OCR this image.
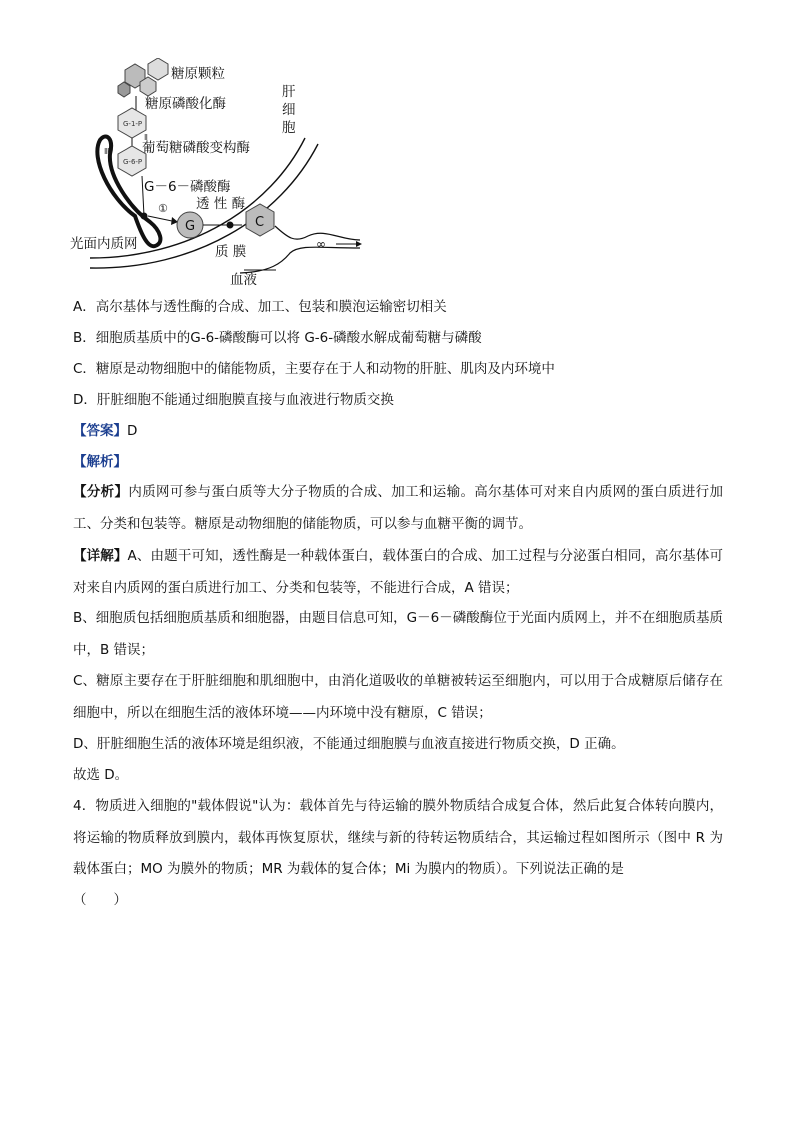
糖原颗粒
糖原磷酸化酶
G-1-P
Ⅱ
葡萄糖磷酸变构酶
G-6-P
Ⅲ
G－6－磷酸酶
①
G
透 性 酶
C
肝
细
胞
∞
光面内质网	质 膜
血液
A．高尔基体与透性酶的合成、加工、包装和膜泡运输密切相关
B．细胞质基质中的G-6-磷酸酶可以将 G-6-磷酸水解成葡萄糖与磷酸
C．糖原是动物细胞中的储能物质，主要存在于人和动物的肝脏、肌肉及内环境中
D．肝脏细胞不能通过细胞膜直接与血液进行物质交换
【答案】D
【解析】
【分析】内质网可参与蛋白质等大分子物质的合成、加工和运输。高尔基体可对来自内质网的蛋白质进行加工、分类和包装等。糖原是动物细胞的储能物质，可以参与血糖平衡的调节。
【详解】A、由题干可知，透性酶是一种载体蛋白，载体蛋白的合成、加工过程与分泌蛋白相同，高尔基体可对来自内质网的蛋白质进行加工、分类和包装等，不能进行合成，A 错误；
B、细胞质包括细胞质基质和细胞器，由题目信息可知，G－6－磷酸酶位于光面内质网上，并不在细胞质基质中，B 错误；
C、糖原主要存在于肝脏细胞和肌细胞中，由消化道吸收的单糖被转运至细胞内，可以用于合成糖原后储存在细胞中，所以在细胞生活的液体环境——内环境中没有糖原，C 错误；
D、肝脏细胞生活的液体环境是组织液，不能通过细胞膜与血液直接进行物质交换，D 正确。
故选 D。
4．物质进入细胞的"载体假说"认为：载体首先与待运输的膜外物质结合成复合体，然后此复合体转向膜内，将运输的物质释放到膜内，载体再恢复原状，继续与新的待转运物质结合，其运输过程如图所示（图中 R 为载体蛋白；MO 为膜外的物质；MR 为载体的复合体；Mi 为膜内的物质）。下列说法正确的是
（　　）
